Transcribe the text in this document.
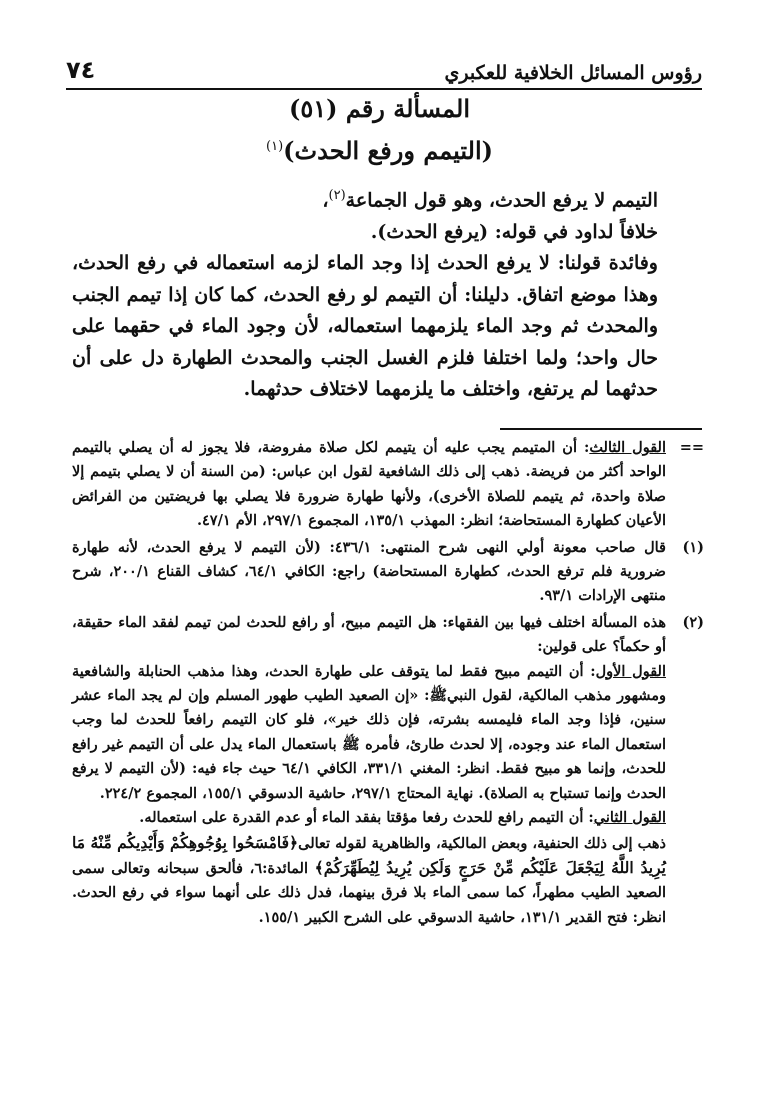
٧٤	رؤوس المسائل الخلافية للعكبري
المسألة رقم (٥١)
(التيمم ورفع الحدث)$^{(١)}$

التيمم لا يرفع الحدث، وهو قول الجماعة$^{(٢)}$،

خلافاً لداود في قوله: (يرفع الحدث).

وفائدة قولنا: لا يرفع الحدث إذا وجد الماء لزمه استعماله في رفع الحدث، وهذا موضع اتفاق. دليلنا: أن التيمم لو رفع الحدث، كما كان إذا تيمم الجنب والمحدث ثم وجد الماء يلزمهما استعماله، لأن وجود الماء في حقهما على حال واحد؛ ولما اختلفا فلزم الغسل الجنب والمحدث الطهارة دل على أن حدثهما لم يرتفع، واختلف ما يلزمهما لاختلاف حدثهما.

==
القول الثالث: أن المتيمم يجب عليه أن يتيمم لكل صلاة مفروضة، فلا يجوز له أن يصلي بالتيمم الواحد أكثر من فريضة. ذهب إلى ذلك الشافعية لقول ابن عباس: (من السنة أن لا يصلي بتيمم إلا صلاة واحدة، ثم يتيمم للصلاة الأخرى)، ولأنها طهارة ضرورة فلا يصلي بها فريضتين من الفرائض الأعيان كطهارة المستحاضة؛ انظر: المهذب ١٣٥/١، المجموع ٢٩٧/١، الأم ٤٧/١.
(١)
قال صاحب معونة أولي النهى شرح المنتهى: ٤٣٦/١: (لأن التيمم لا يرفع الحدث، لأنه طهارة ضرورية فلم ترفع الحدث، كطهارة المستحاضة) راجع: الكافي ٦٤/١، كشاف القناع ٢٠٠/١، شرح منتهى الإرادات ٩٣/١.
(٢)

هذه المسألة اختلف فيها بين الفقهاء: هل التيمم مبيح، أو رافع للحدث لمن تيمم لفقد الماء حقيقة، أو حكماً؟ على قولين:

القول الأول: أن التيمم مبيح فقط لما يتوقف على طهارة الحدث، وهذا مذهب الحنابلة والشافعية ومشهور مذهب المالكية، لقول النبيﷺ: «إن الصعيد الطيب طهور المسلم وإن لم يجد الماء عشر سنين، فإذا وجد الماء فليمسه بشرته، فإن ذلك خير»، فلو كان التيمم رافعاً للحدث لما وجب استعمال الماء عند وجوده، إلا لحدث طارئ، فأمره ﷺ باستعمال الماء يدل على أن التيمم غير رافع للحدث، وإنما هو مبيح فقط. انظر: المغني ٣٣١/١، الكافي ٦٤/١ حيث جاء فيه: (لأن التيمم لا يرفع الحدث وإنما تستباح به الصلاة). نهاية المحتاج ٢٩٧/١، حاشية الدسوقي ١٥٥/١، المجموع ٢٢٤/٢.

القول الثاني: أن التيمم رافع للحدث رفعا مؤقتا بفقد الماء أو عدم القدرة على استعماله.

ذهب إلى ذلك الحنفية، وبعض المالكية، والظاهرية لقوله تعالى﴿فَامْسَحُوا بِوُجُوهِكُمْ وَأَيْدِيكُم مِّنْهُ مَا يُرِيدُ اللَّهُ لِيَجْعَلَ عَلَيْكُم مِّنْ حَرَجٍ وَلَكِن يُرِيدُ لِيُطَهِّرَكُمْ﴾ المائدة:٦، فألحق سبحانه وتعالى سمى الصعيد الطيب مطهراً، كما سمى الماء بلا فرق بينهما، فدل ذلك على أنهما سواء في رفع الحدث. انظر: فتح القدير ١٣١/١، حاشية الدسوقي على الشرح الكبير ١٥٥/١.
